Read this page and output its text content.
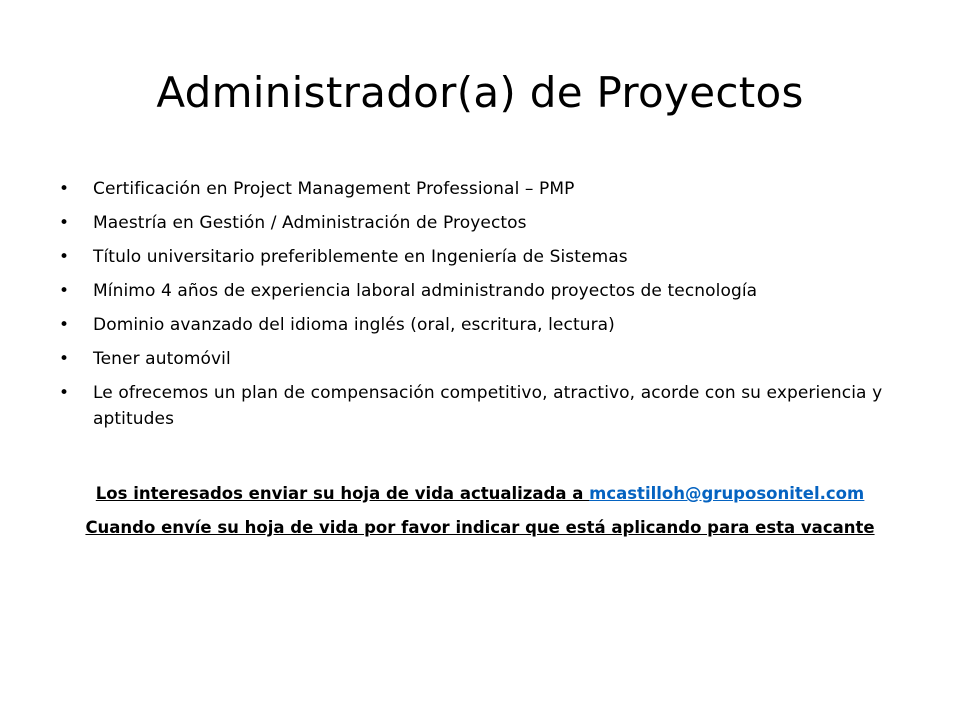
Administrador(a) de Proyectos
• Certificación en Project Management Professional – PMP
• Maestría en Gestión / Administración de Proyectos
• Título universitario preferiblemente en Ingeniería de Sistemas
• Mínimo 4 años de experiencia laboral administrando proyectos de tecnología
• Dominio avanzado del idioma inglés (oral, escritura, lectura)
• Tener automóvil
• Le ofrecemos un plan de compensación competitivo, atractivo, acorde con su experiencia y aptitudes
Los interesados enviar su hoja de vida actualizada a mcastilloh@gruposonitel.com
Cuando envíe su hoja de vida por favor indicar que está aplicando para esta vacante
